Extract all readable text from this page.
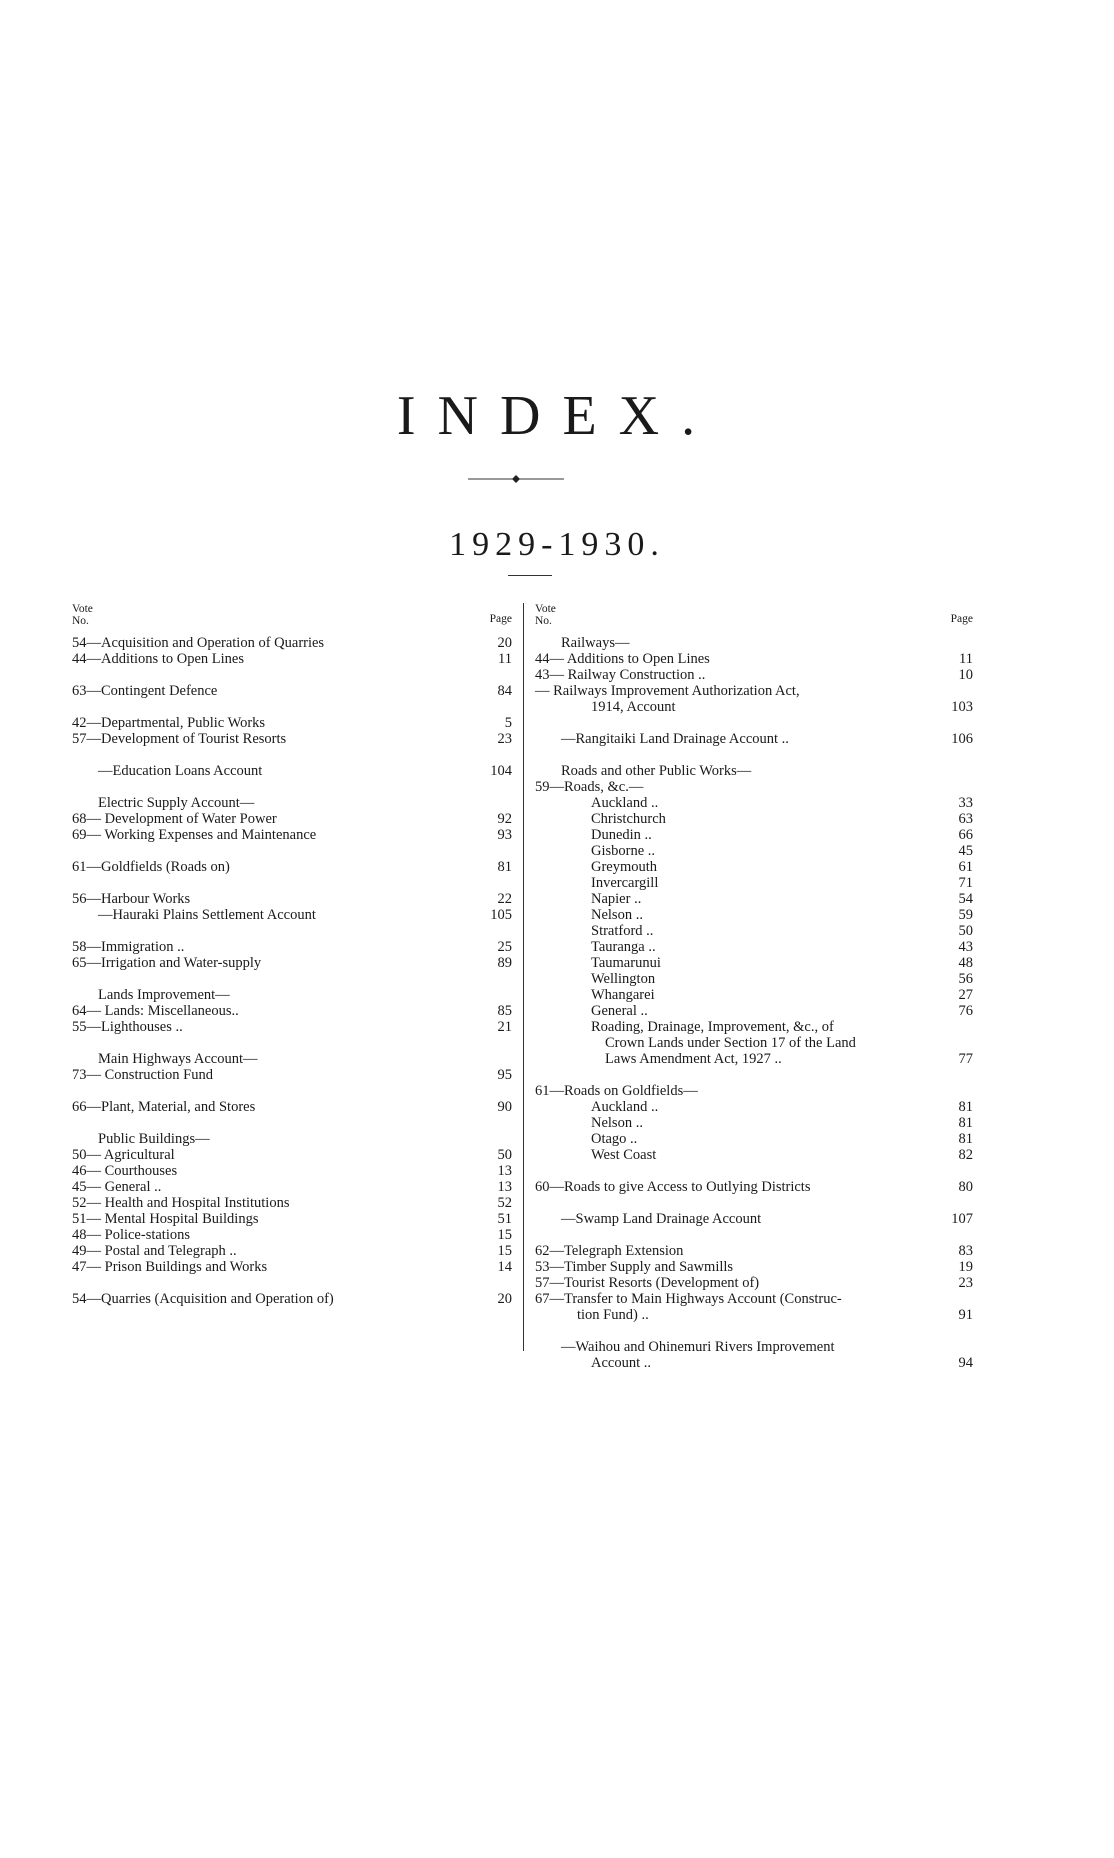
INDEX.
1929-1930.
Vote
No.	Page
54—Acquisition and Operation of Quarries	20
44—Additions to Open Lines	11
63—Contingent Defence	84
42—Departmental, Public Works	5
57—Development of Tourist Resorts	23
—Education Loans Account	104
Electric Supply Account—
68— Development of Water Power	92
69— Working Expenses and Maintenance	93
61—Goldfields (Roads on)	81
56—Harbour Works	22
—Hauraki Plains Settlement Account	105
58—Immigration ..	25
65—Irrigation and Water-supply	89
Lands Improvement—
64— Lands: Miscellaneous..	85
55—Lighthouses ..	21
Main Highways Account—
73— Construction Fund	95
66—Plant, Material, and Stores	90
Public Buildings—
50— Agricultural	50
46— Courthouses	13
45— General ..	13
52— Health and Hospital Institutions	52
51— Mental Hospital Buildings	51
48— Police-stations	15
49— Postal and Telegraph ..	15
47— Prison Buildings and Works	14
54—Quarries (Acquisition and Operation of)	20
Vote
No.	Page
Railways—
44— Additions to Open Lines	11
43— Railway Construction ..	10
— Railways Improvement Authorization Act,
1914, Account	103
—Rangitaiki Land Drainage Account ..	106
Roads and other Public Works—
59—Roads, &c.—
Auckland ..	33
Christchurch	63
Dunedin ..	66
Gisborne ..	45
Greymouth	61
Invercargill	71
Napier ..	54
Nelson ..	59
Stratford ..	50
Tauranga ..	43
Taumarunui	48
Wellington	56
Whangarei	27
General ..	76
Roading, Drainage, Improvement, &c., of
Crown Lands under Section 17 of the Land
Laws Amendment Act, 1927 ..	77
61—Roads on Goldfields—
Auckland ..	81
Nelson ..	81
Otago ..	81
West Coast	82
60—Roads to give Access to Outlying Districts	80
—Swamp Land Drainage Account	107
62—Telegraph Extension	83
53—Timber Supply and Sawmills	19
57—Tourist Resorts (Development of)	23
67—Transfer to Main Highways Account (Construc-
tion Fund) ..	91
—Waihou and Ohinemuri Rivers Improvement
Account ..	94
